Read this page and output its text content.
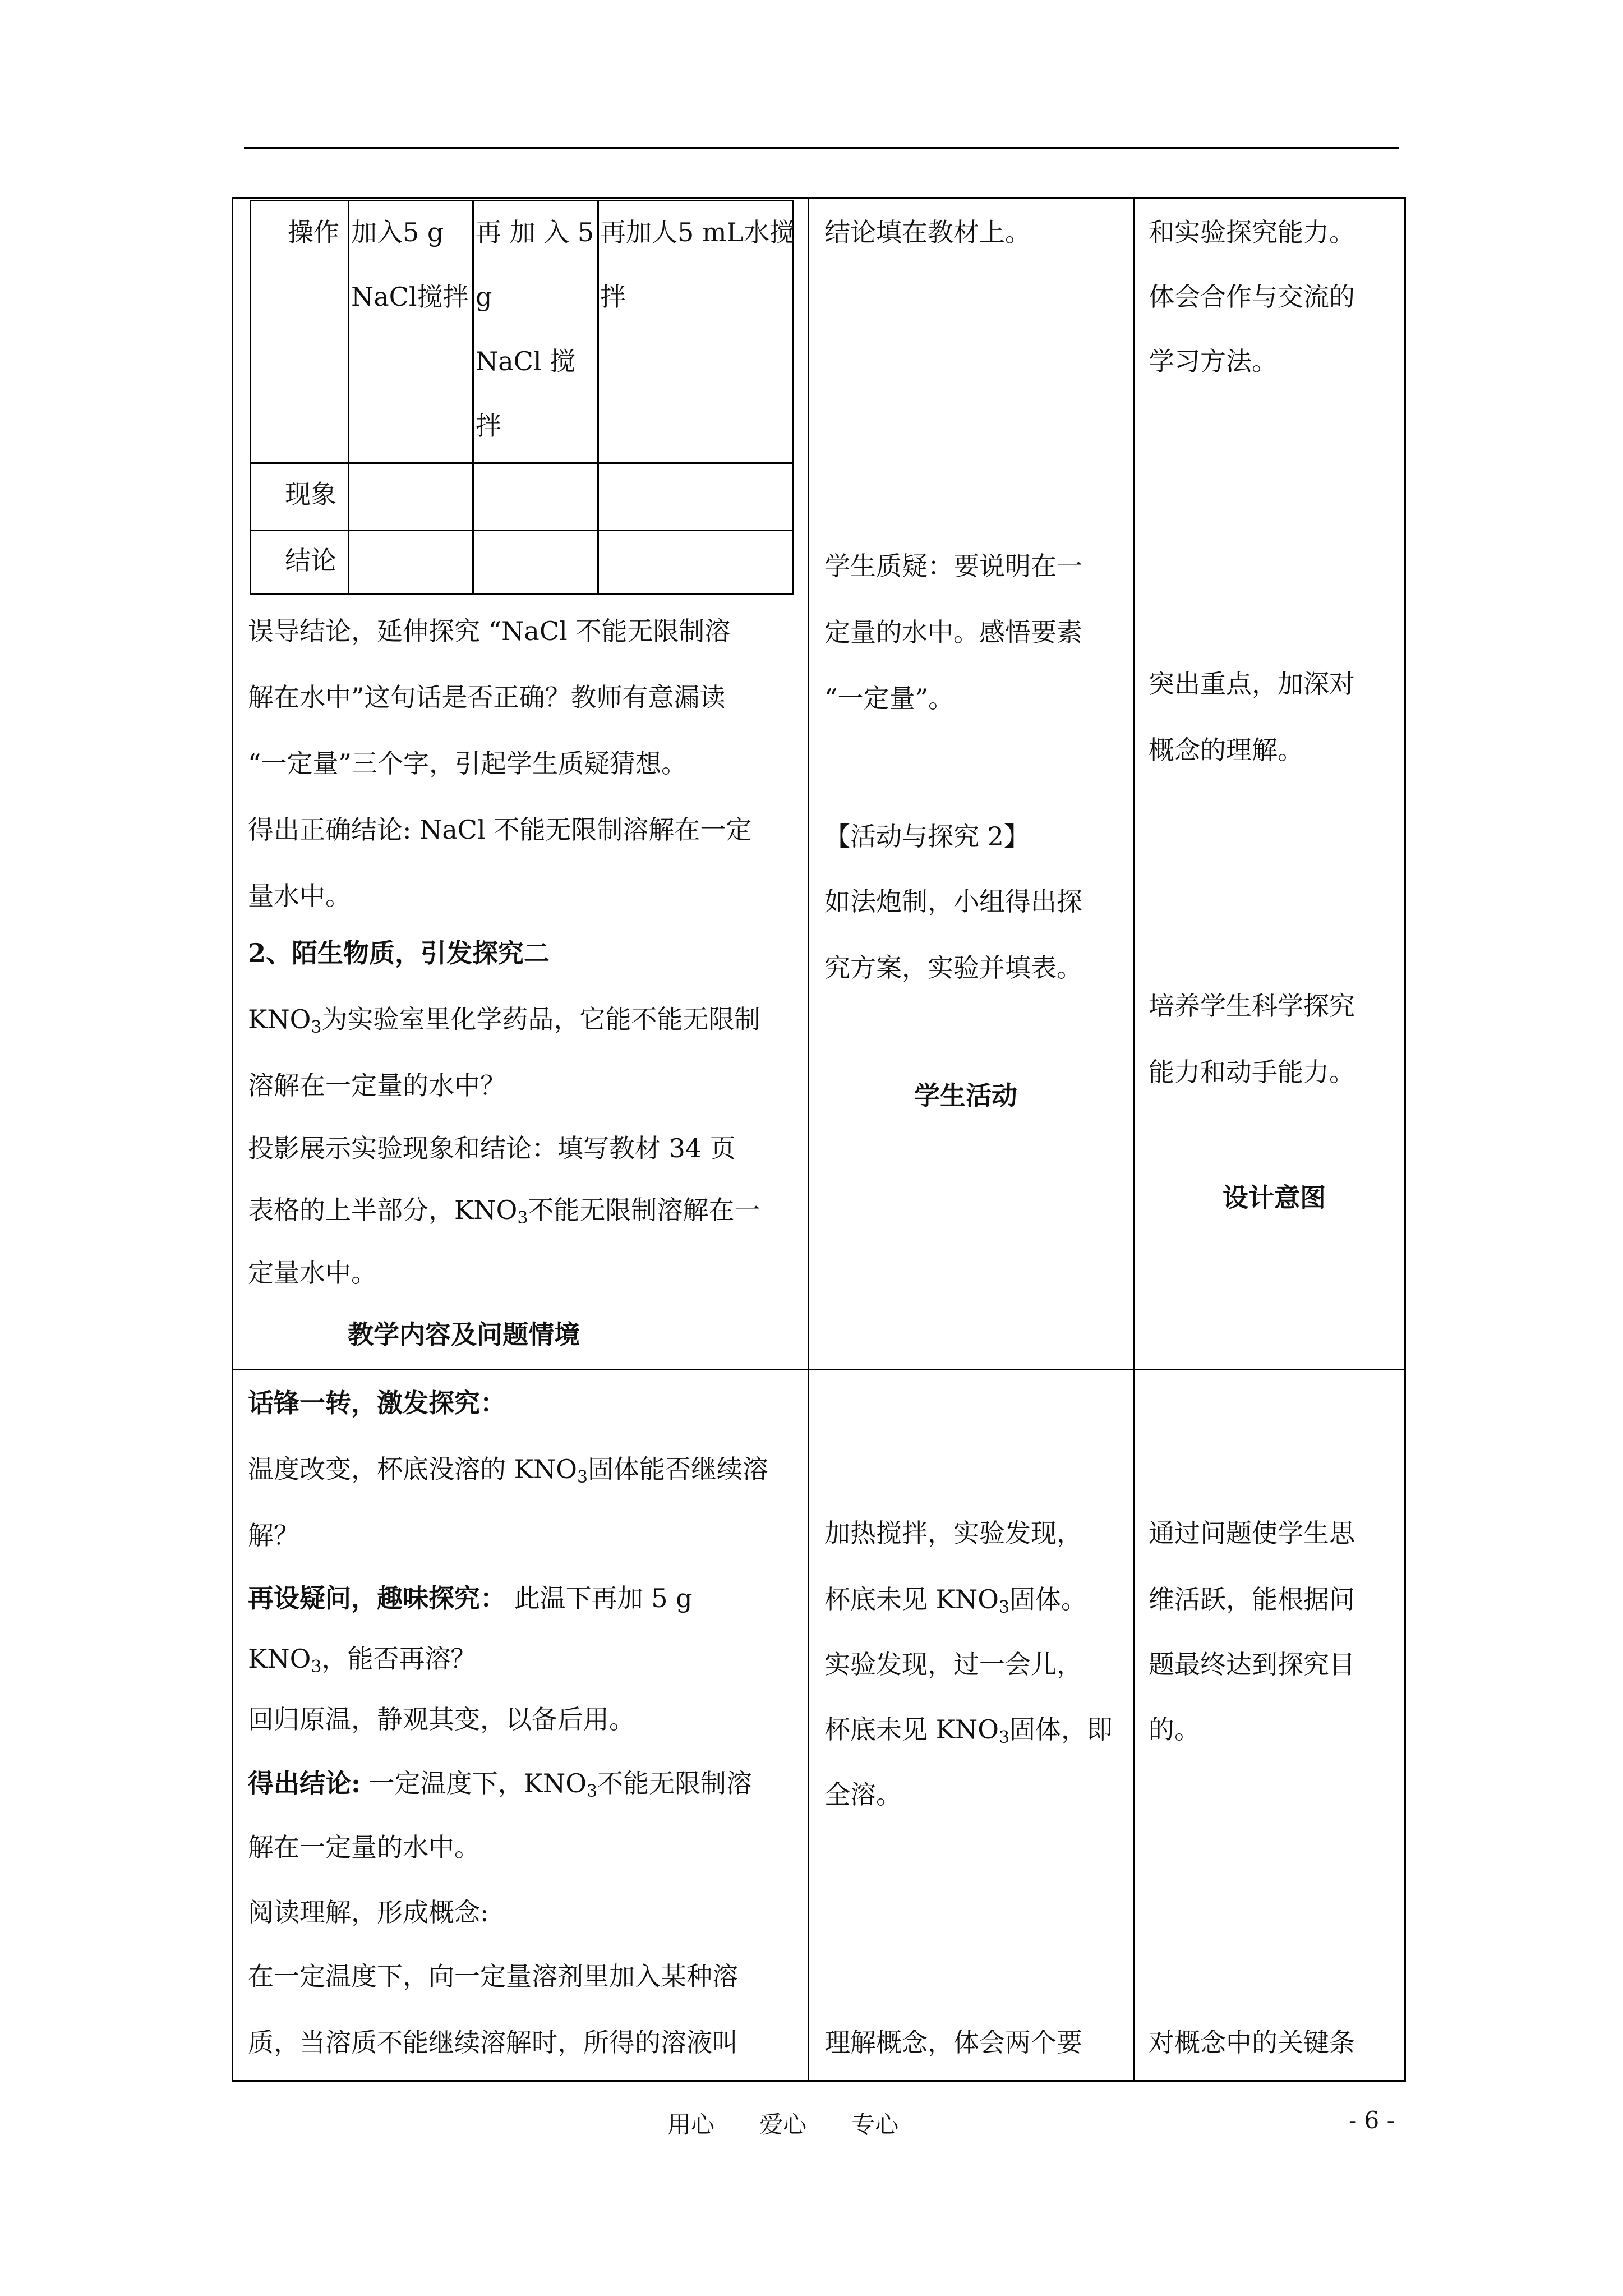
操作
现象
结论
加入5 g
NaCl搅拌
再 加 入 5
g
NaCl 搅
拌
再加人5 mL水搅
拌
误导结论，延伸探究 “NaCl 不能无限制溶
解在水中”这句话是否正确？教师有意漏读
“一定量”三个字，引起学生质疑猜想。
得出正确结论: NaCl 不能无限制溶解在一定
量水中。
2、陌生物质，引发探究二
$KNO_3$为实验室里化学药品，它能不能无限制
溶解在一定量的水中？
投影展示实验现象和结论：填写教材 34 页
表格的上半部分，$KNO_3$不能无限制溶解在一
定量水中。
教学内容及问题情境
结论填在教材上。
学生质疑：要说明在一
定量的水中。感悟要素
“一定量”。
【活动与探究 2】
如法炮制，小组得出探
究方案，实验并填表。
学生活动
和实验探究能力。
体会合作与交流的
学习方法。
突出重点，加深对
概念的理解。
培养学生科学探究
能力和动手能力。
设计意图
话锋一转，激发探究：
温度改变，杯底没溶的 $KNO_3$固体能否继续溶
解？
再设疑问，趣味探究： 此温下再加 5 g
$KNO_3$，能否再溶？
回归原温，静观其变，以备后用。
得出结论: 一定温度下，$KNO_3$不能无限制溶
解在一定量的水中。
阅读理解，形成概念:
在一定温度下，向一定量溶剂里加入某种溶
质，当溶质不能继续溶解时，所得的溶液叫
加热搅拌，实验发现，
杯底未见 $KNO_3$固体。
实验发现，过一会儿，
杯底未见 $KNO_3$固体，即
全溶。
理解概念，体会两个要
通过问题使学生思
维活跃，能根据问
题最终达到探究目
的。
对概念中的关键条
用心      爱心      专心	- 6 -
